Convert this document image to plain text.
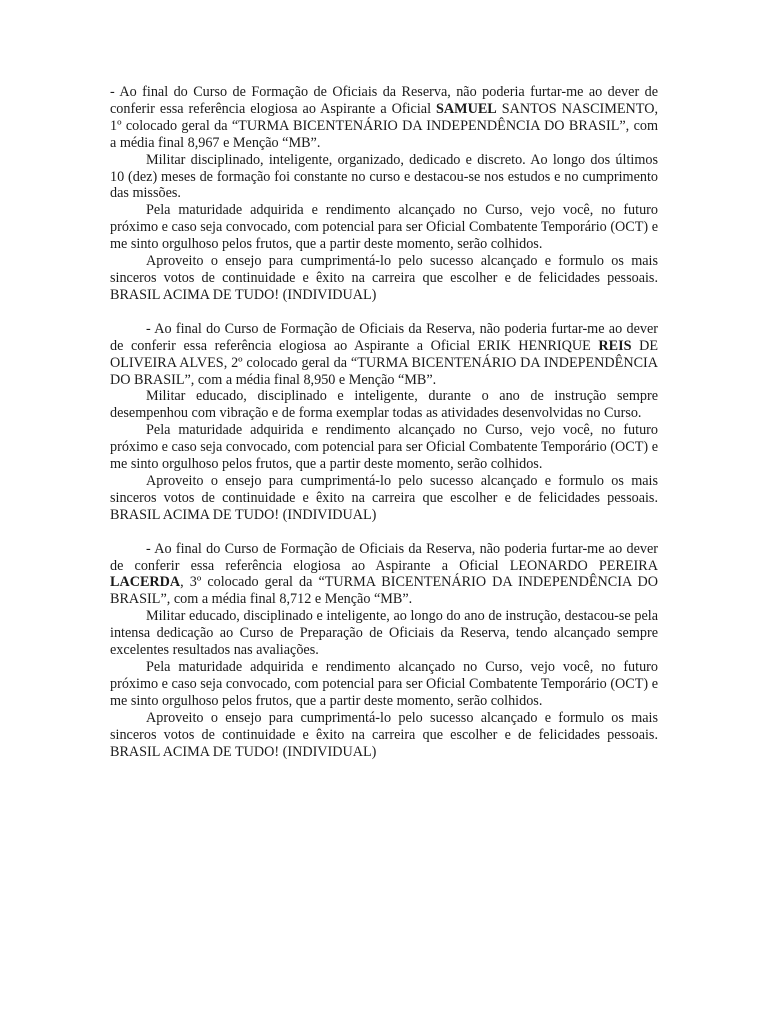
- Ao final do Curso de Formação de Oficiais da Reserva, não poderia furtar-me ao dever de conferir essa referência elogiosa ao Aspirante a Oficial SAMUEL SANTOS NASCIMENTO, 1º colocado geral da “TURMA BICENTENÁRIO DA INDEPENDÊNCIA DO BRASIL”, com a média final 8,967 e Menção “MB”.

Militar disciplinado, inteligente, organizado, dedicado e discreto. Ao longo dos últimos 10 (dez) meses de formação foi constante no curso e destacou-se nos estudos e no cumprimento das missões.

Pela maturidade adquirida e rendimento alcançado no Curso, vejo você, no futuro próximo e caso seja convocado, com potencial para ser Oficial Combatente Temporário (OCT) e me sinto orgulhoso pelos frutos, que a partir deste momento, serão colhidos.

Aproveito o ensejo para cumprimentá-lo pelo sucesso alcançado e formulo os mais sinceros votos de continuidade e êxito na carreira que escolher e de felicidades pessoais. BRASIL ACIMA DE TUDO! (INDIVIDUAL)

- Ao final do Curso de Formação de Oficiais da Reserva, não poderia furtar-me ao dever de conferir essa referência elogiosa ao Aspirante a Oficial ERIK HENRIQUE REIS DE OLIVEIRA ALVES, 2º colocado geral da “TURMA BICENTENÁRIO DA INDEPENDÊNCIA DO BRASIL”, com a média final 8,950 e Menção “MB”.

Militar educado, disciplinado e inteligente, durante o ano de instrução sempre desempenhou com vibração e de forma exemplar todas as atividades desenvolvidas no Curso.

Pela maturidade adquirida e rendimento alcançado no Curso, vejo você, no futuro próximo e caso seja convocado, com potencial para ser Oficial Combatente Temporário (OCT) e me sinto orgulhoso pelos frutos, que a partir deste momento, serão colhidos.

Aproveito o ensejo para cumprimentá-lo pelo sucesso alcançado e formulo os mais sinceros votos de continuidade e êxito na carreira que escolher e de felicidades pessoais. BRASIL ACIMA DE TUDO! (INDIVIDUAL)

- Ao final do Curso de Formação de Oficiais da Reserva, não poderia furtar-me ao dever de conferir essa referência elogiosa ao Aspirante a Oficial LEONARDO PEREIRA LACERDA, 3º colocado geral da “TURMA BICENTENÁRIO DA INDEPENDÊNCIA DO BRASIL”, com a média final 8,712 e Menção “MB”.

Militar educado, disciplinado e inteligente, ao longo do ano de instrução, destacou-se pela intensa dedicação ao Curso de Preparação de Oficiais da Reserva, tendo alcançado sempre excelentes resultados nas avaliações.

Pela maturidade adquirida e rendimento alcançado no Curso, vejo você, no futuro próximo e caso seja convocado, com potencial para ser Oficial Combatente Temporário (OCT) e me sinto orgulhoso pelos frutos, que a partir deste momento, serão colhidos.

Aproveito o ensejo para cumprimentá-lo pelo sucesso alcançado e formulo os mais sinceros votos de continuidade e êxito na carreira que escolher e de felicidades pessoais. BRASIL ACIMA DE TUDO! (INDIVIDUAL)
